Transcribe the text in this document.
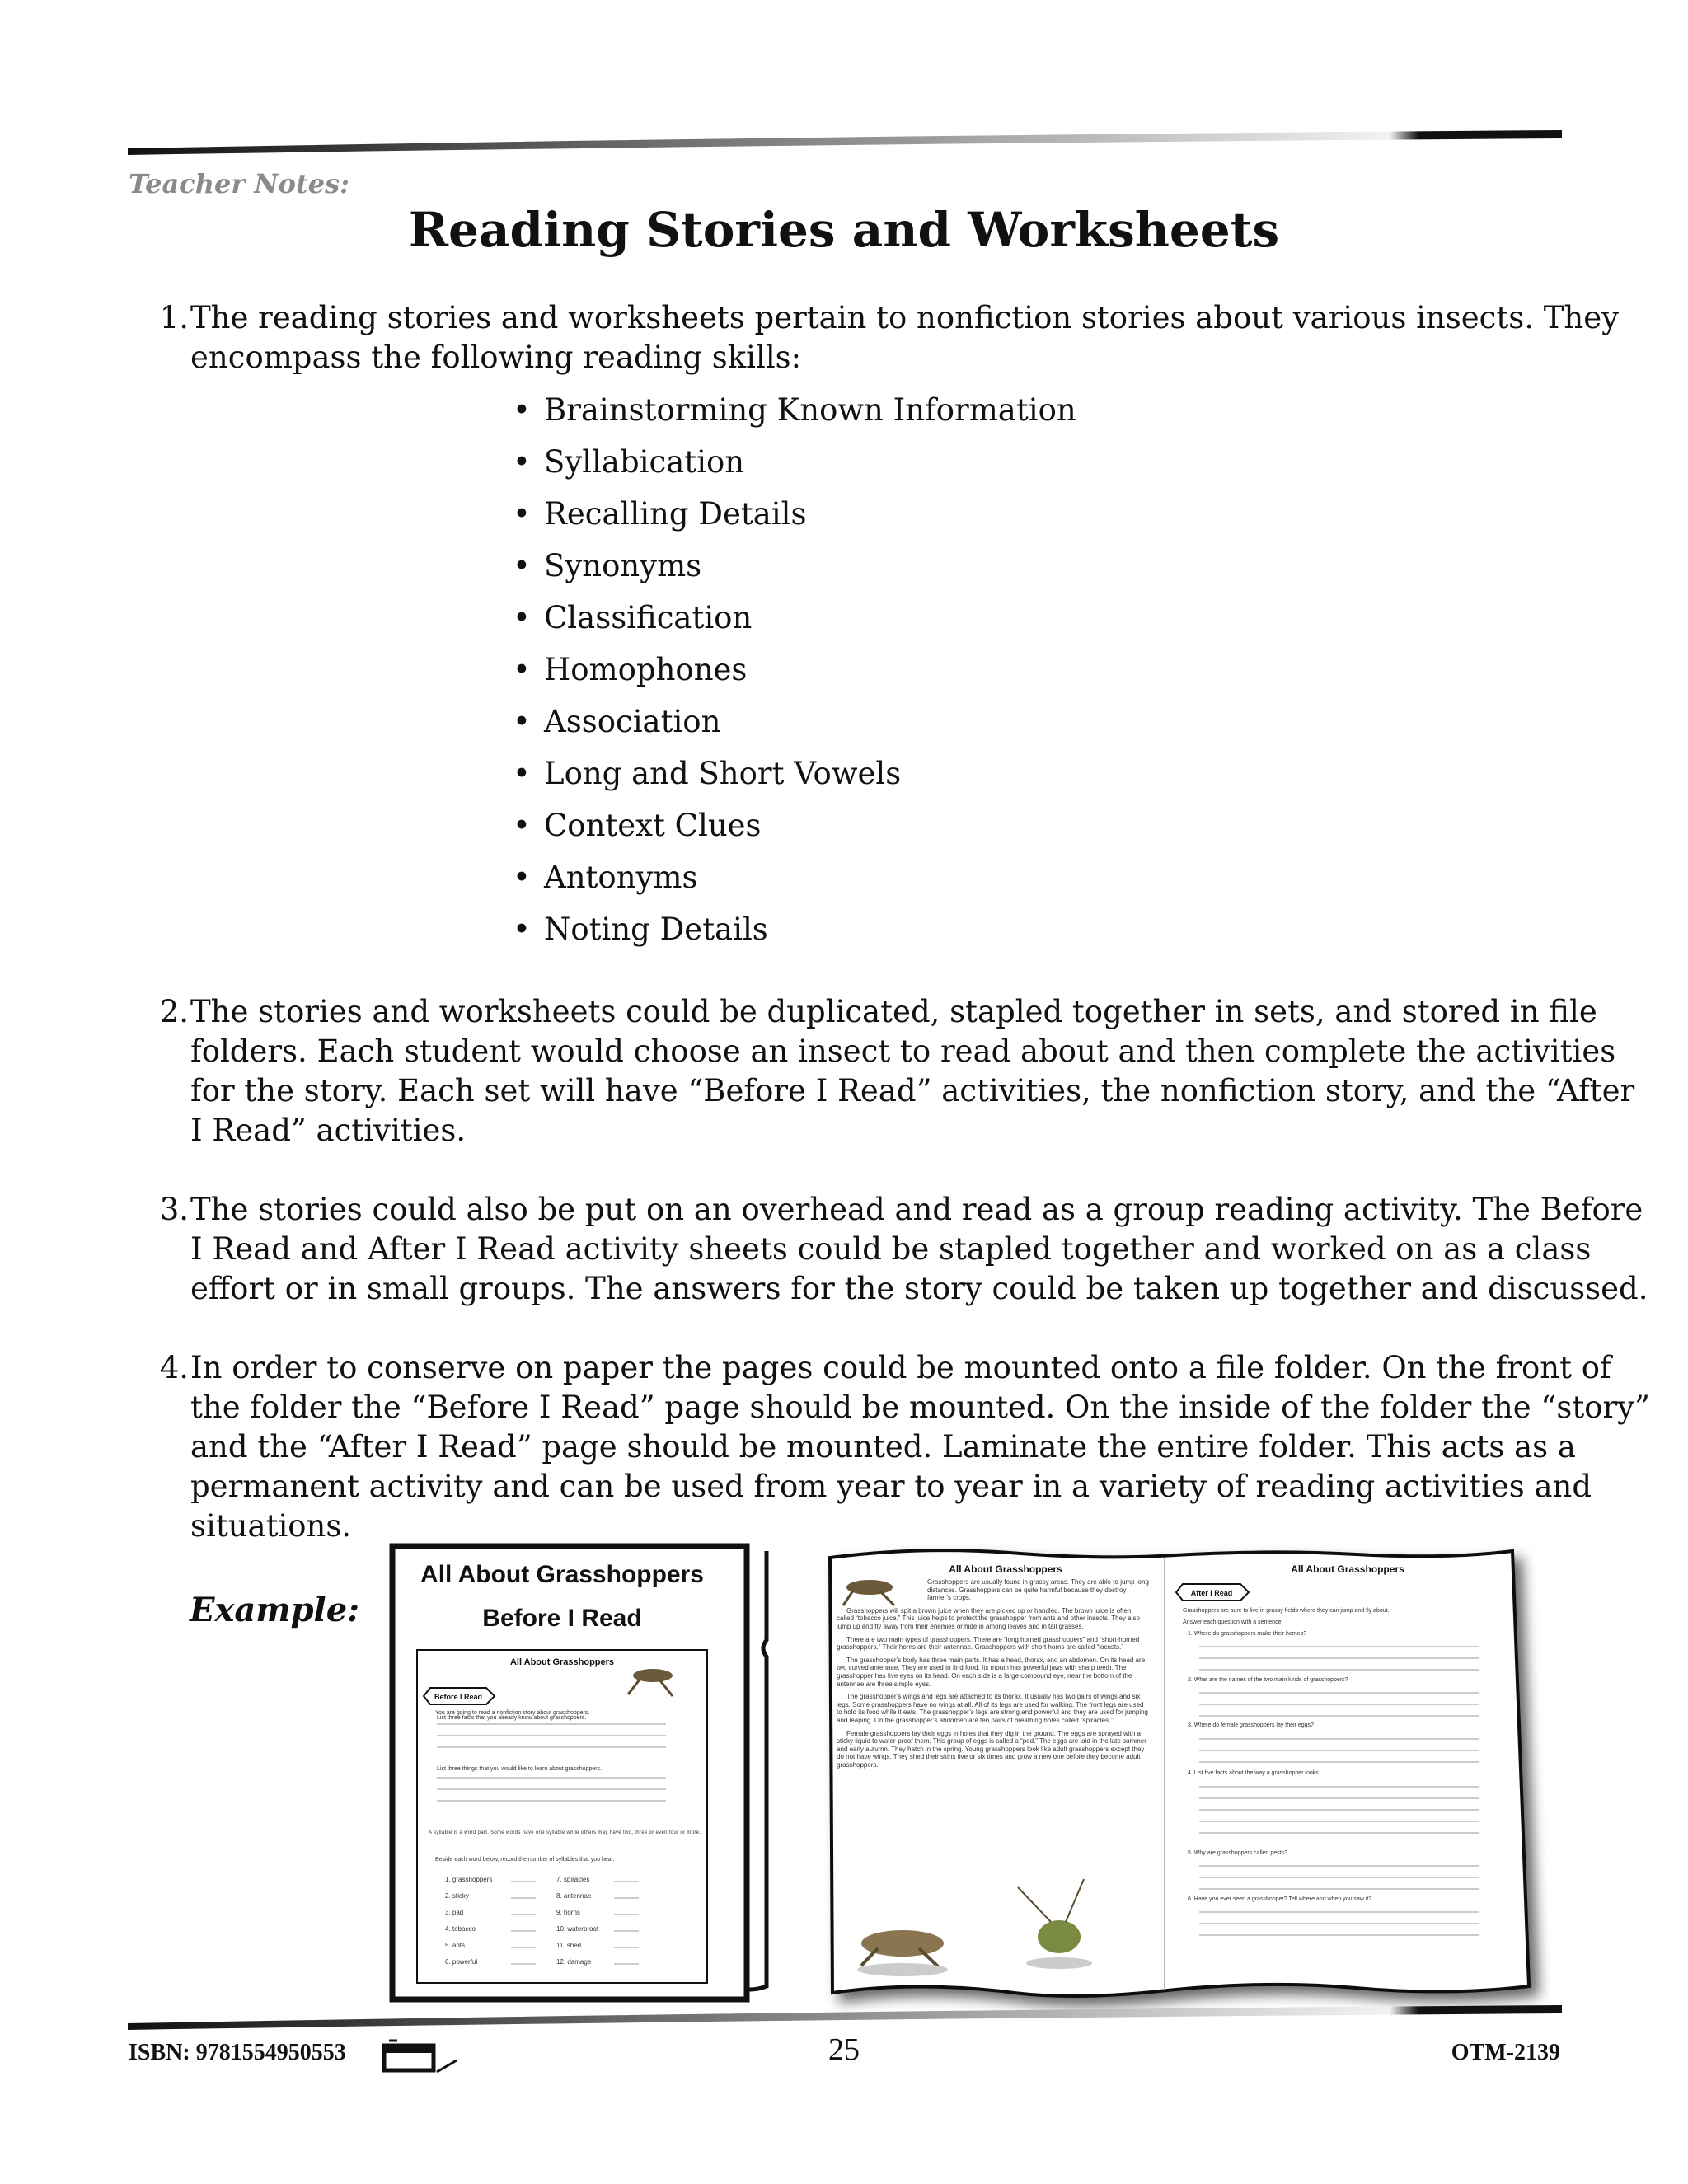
Teacher Notes:
Reading Stories and Worksheets
1. The reading stories and worksheets pertain to nonfiction stories about various insects. They
encompass the following reading skills:
• Brainstorming Known Information
• Syllabication
• Recalling Details
• Synonyms
• Classification
• Homophones
• Association
• Long and Short Vowels
• Context Clues
• Antonyms
• Noting Details
2. The stories and worksheets could be duplicated, stapled together in sets, and stored in file
folders. Each student would choose an insect to read about and then complete the activities
for the story. Each set will have “Before I Read” activities, the nonfiction story, and the “After
I Read” activities.
3. The stories could also be put on an overhead and read as a group reading activity. The Before
I Read and After I Read activity sheets could be stapled together and worked on as a class
effort or in small groups. The answers for the story could be taken up together and discussed.
4. In order to conserve on paper the pages could be mounted onto a file folder. On the front of
the folder the “Before I Read” page should be mounted. On the inside of the folder the “story”
and the “After I Read” page should be mounted. Laminate the entire folder. This acts as a
permanent activity and can be used from year to year in a variety of reading activities and
situations.
Example:
All About Grasshoppers
Before I Read
All About Grasshoppers
Before I Read
You are going to read a nonfiction story about grasshoppers.
List three facts that you already know about grasshoppers.
List three things that you would like to learn about grasshoppers.
A syllable is a word part. Some words have one syllable while others may have two, three or even four or more.
Beside each word below, record the number of syllables that you hear.
1. grasshoppers
2. sticky
3. pad
4. tobacco
5. ants
6. powerful
7. spiracles
8. antennae
9. horns
10. waterproof
11. shed
12. damage
All About Grasshoppers

Grasshoppers are usually found in grassy areas. They are able to jump long distances. Grasshoppers can be quite harmful because they destroy farmer’s crops.

Grasshoppers will spit a brown juice when they are picked up or handled. The brown juice is often called “tobacco juice.” This juice helps to protect the grasshopper from ants and other insects. They also jump up and fly away from their enemies or hide in among leaves and in tall grasses.

There are two main types of grasshoppers. There are “long horned grasshoppers” and “short-horned grasshoppers.” Their horns are their antennae. Grasshoppers with short horns are called “locusts.”

The grasshopper’s body has three main parts. It has a head, thorax, and an abdomen. On its head are two curved antennae. They are used to find food. Its mouth has powerful jaws with sharp teeth. The grasshopper has five eyes on its head. On each side is a large compound eye, near the bottom of the antennae are three simple eyes.

The grasshopper’s wings and legs are attached to its thorax. It usually has two pairs of wings and six legs. Some grasshoppers have no wings at all. All of its legs are used for walking. The front legs are used to hold its food while it eats. The grasshopper’s legs are strong and powerful and they are used for jumping and leaping. On the grasshopper’s abdomen are ten pairs of breathing holes called “spiracles.”

Female grasshoppers lay their eggs in holes that they dig in the ground. The eggs are sprayed with a sticky liquid to water-proof them. This group of eggs is called a “pod.” The eggs are laid in the late summer and early autumn. They hatch in the spring. Young grasshoppers look like adult grasshoppers except they do not have wings. They shed their skins five or six times and grow a new one before they become adult grasshoppers.

All About Grasshoppers
After I Read
Grasshoppers are sure to live in grassy fields where they can jump and fly about.
Answer each question with a sentence.
1. Where do grasshoppers make their homes?
2. What are the names of the two main kinds of grasshoppers?
3. Where do female grasshoppers lay their eggs?
4. List five facts about the way a grasshopper looks.
5. Why are grasshoppers called pests?
6. Have you ever seen a grasshopper? Tell where and when you saw it?
ISBN: 9781554950553	25	OTM-2139
